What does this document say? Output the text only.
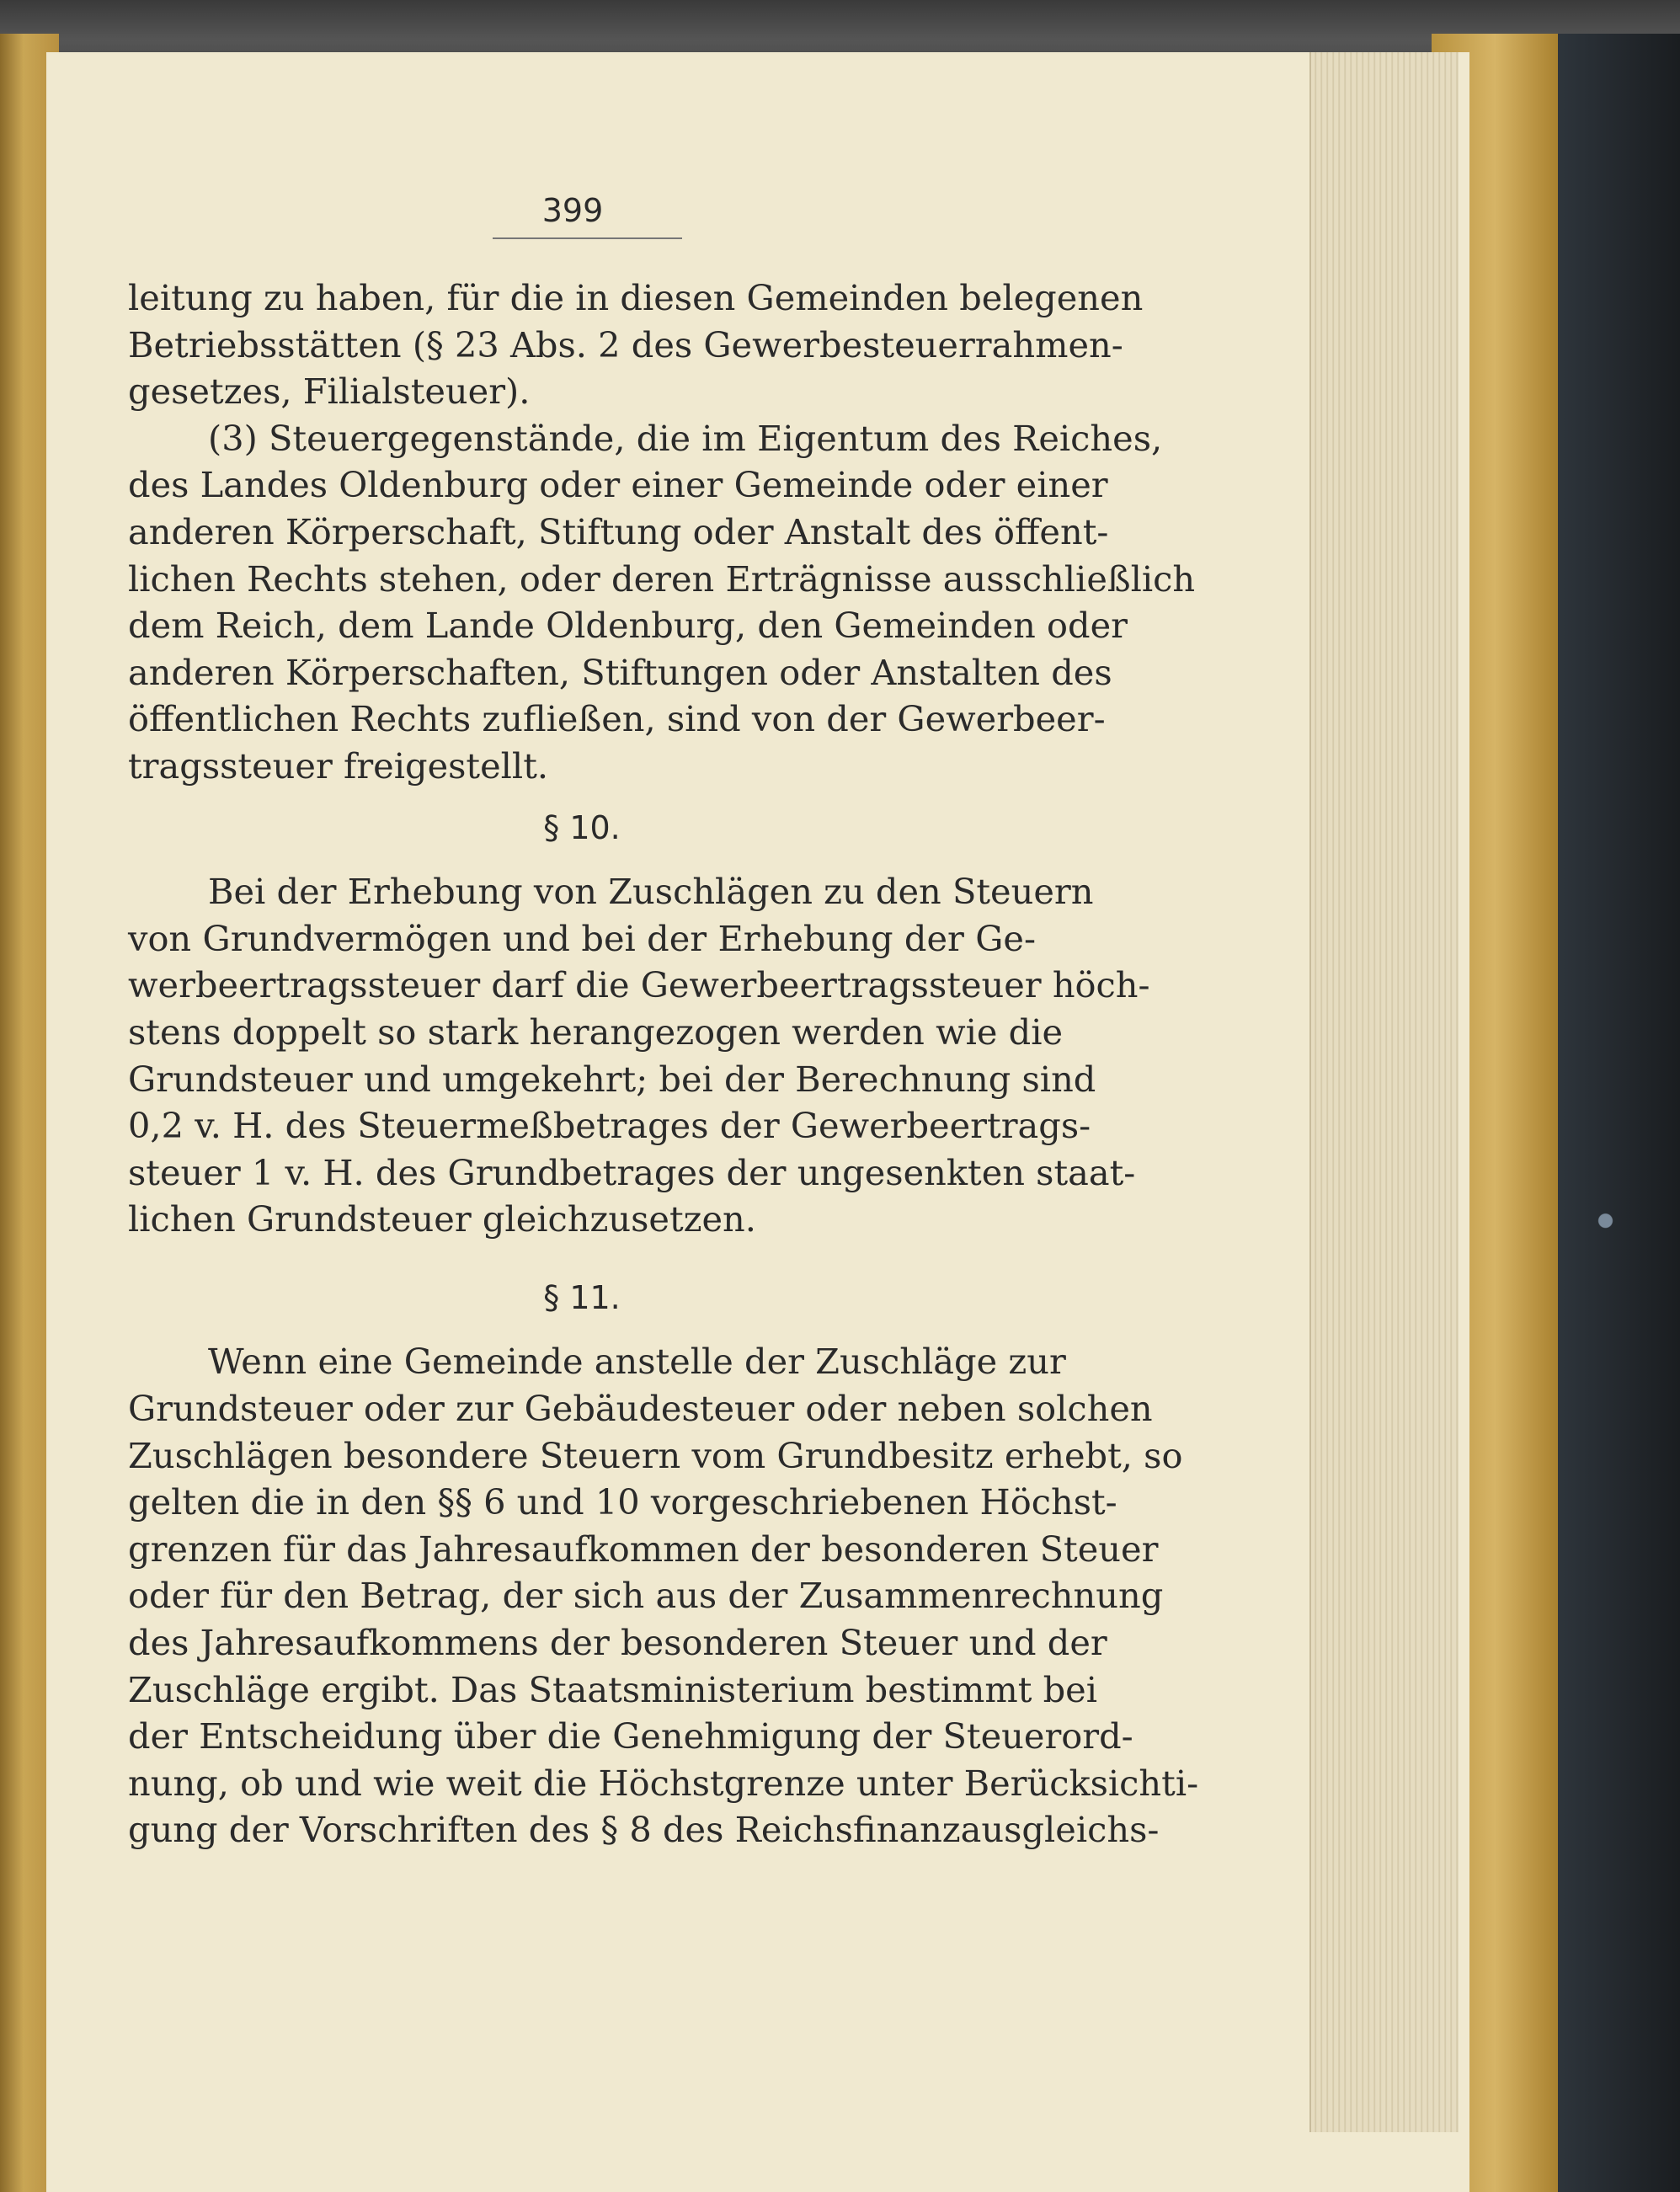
399
leitung zu haben, für die in diesen Gemeinden belegenen
Betriebsstätten (§ 23 Abs. 2 des Gewerbesteuerrahmen-
gesetzes, Filialsteuer).
(3) Steuergegenstände, die im Eigentum des Reiches,
des Landes Oldenburg oder einer Gemeinde oder einer
anderen Körperschaft, Stiftung oder Anstalt des öffent-
lichen Rechts stehen, oder deren Erträgnisse ausschließlich
dem Reich, dem Lande Oldenburg, den Gemeinden oder
anderen Körperschaften, Stiftungen oder Anstalten des
öffentlichen Rechts zufließen, sind von der Gewerbeer-
tragssteuer freigestellt.
§ 10.
Bei der Erhebung von Zuschlägen zu den Steuern
von Grundvermögen und bei der Erhebung der Ge-
werbeertragssteuer darf die Gewerbeertragssteuer höch-
stens doppelt so stark herangezogen werden wie die
Grundsteuer und umgekehrt; bei der Berechnung sind
0,2 v. H. des Steuermeßbetrages der Gewerbeertrags-
steuer 1 v. H. des Grundbetrages der ungesenkten staat-
lichen Grundsteuer gleichzusetzen.
§ 11.
Wenn eine Gemeinde anstelle der Zuschläge zur
Grundsteuer oder zur Gebäudesteuer oder neben solchen
Zuschlägen besondere Steuern vom Grundbesitz erhebt, so
gelten die in den §§ 6 und 10 vorgeschriebenen Höchst-
grenzen für das Jahresaufkommen der besonderen Steuer
oder für den Betrag, der sich aus der Zusammenrechnung
des Jahresaufkommens der besonderen Steuer und der
Zuschläge ergibt. Das Staatsministerium bestimmt bei
der Entscheidung über die Genehmigung der Steuerord-
nung, ob und wie weit die Höchstgrenze unter Berücksichti-
gung der Vorschriften des § 8 des Reichsfinanzausgleichs-
